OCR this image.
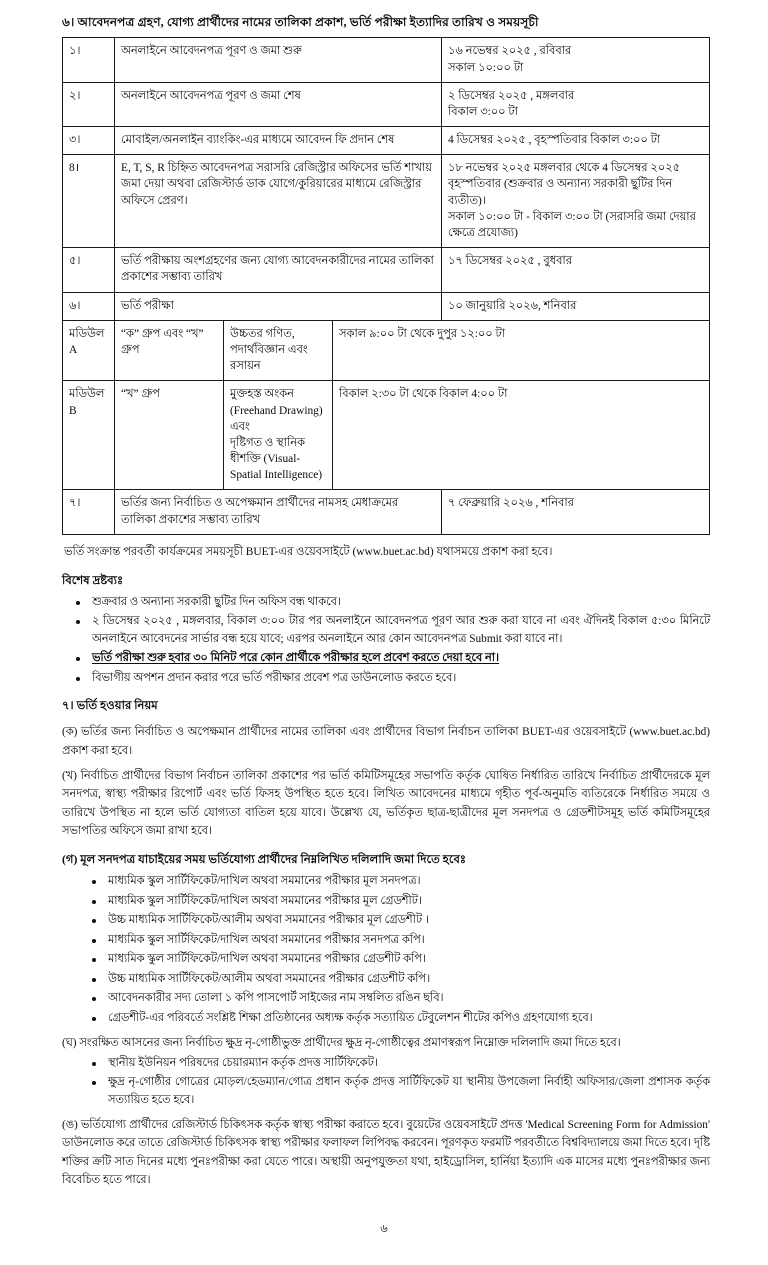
৬। আবেদনপত্র গ্রহণ, যোগ্য প্রার্থীদের নামের তালিকা প্রকাশ, ভর্তি পরীক্ষা ইত্যাদির তারিখ ও সময়সূচী
১।	অনলাইনে আবেদনপত্র পূরণ ও জমা শুরু			১৬ নভেম্বর ২০২৫ , রবিবার
সকাল ১০:০০ টা

২।	অনলাইনে আবেদনপত্র পূরণ ও জমা শেষ			২ ডিসেম্বর ২০২৫ , মঙ্গলবার
বিকাল ৩:০০ টা

৩।	মোবাইল/অনলাইন ব্যাংকিং-এর মাধ্যমে আবেদন ফি প্রদান শেষ			4 ডিসেম্বর ২০২৫ , বৃহস্পতিবার বিকাল ৩:০০ টা

8।	E, T, S, R চিহ্নিত আবেদনপত্র সরাসরি রেজিস্ট্রার অফিসের ভর্তি শাখায় জমা দেয়া অথবা রেজিস্টার্ড ডাক যোগে/কুরিয়ারের মাধ্যমে রেজিস্ট্রার অফিসে প্রেরণ।			১৮ নভেম্বর ২০২৫ মঙ্গলবার থেকে 4 ডিসেম্বর ২০২৫ বৃহস্পতিবার (শুক্রবার ও অন্যান্য সরকারী ছুটির দিন ব্যতীত)।
সকাল ১০:০০ টা - বিকাল ৩:০০ টা (সরাসরি জমা দেয়ার ক্ষেত্রে প্রযোজ্য)

৫।	ভর্তি পরীক্ষায় অংশগ্রহণের জন্য যোগ্য আবেদনকারীদের নামের তালিকা প্রকাশের সম্ভাব্য তারিখ			১৭ ডিসেম্বর ২০২৫ , বুধবার
৬।	ভর্তি পরীক্ষা			১০ জানুয়ারি ২০২৬, শনিবার
মডিউল A	“ক” গ্রুপ এবং “খ” গ্রুপ	উচ্চতর গণিত, পদার্থবিজ্ঞান এবং রসায়ন	সকাল ৯:০০ টা থেকে দুপুর ১২:০০ টা	
মডিউল B	“খ” গ্রুপ	মুক্তহস্ত অংকন (Freehand Drawing) এবং
দৃষ্টিগত ও স্থানিক ধীশক্তি (Visual-Spatial Intelligence)	বিকাল ২:৩০ টা থেকে বিকাল 4:০০ টা	
৭।	ভর্তির জন্য নির্বাচিত ও অপেক্ষমান প্রার্থীদের নামসহ মেধাক্রমের তালিকা প্রকাশের সম্ভাব্য তারিখ			৭ ফেব্রুয়ারি ২০২৬ , শনিবার
ভর্তি সংক্রান্ত পরবর্তী কার্যক্রমের সময়সূচী BUET-এর ওয়েবসাইটে (www.buet.ac.bd) যথাসময়ে প্রকাশ করা হবে।
বিশেষ দ্রষ্টব্যঃ
শুক্রবার ও অন্যান্য সরকারী ছুটির দিন অফিস বন্ধ থাকবে।
২ ডিসেম্বর ২০২৫ , মঙ্গলবার, বিকাল ৩:০০ টার পর অনলাইনে আবেদনপত্র পূরণ আর শুরু করা যাবে না এবং ঐদিনই বিকাল ৫:৩০ মিনিটে অনলাইনে আবেদনের সার্ভার বন্ধ হয়ে যাবে; এরপর অনলাইনে আর কোন আবেদনপত্র Submit করা যাবে না।
ভর্তি পরীক্ষা শুরু হবার ৩০ মিনিট পরে কোন প্রার্থীকে পরীক্ষার হলে প্রবেশ করতে দেয়া হবে না।
বিভাগীয় অপশন প্রদান করার পরে ভর্তি পরীক্ষার প্রবেশ পত্র ডাউনলোড করতে হবে।
৭। ভর্তি হওয়ার নিয়ম
(ক) ভর্তির জন্য নির্বাচিত ও অপেক্ষমান প্রার্থীদের নামের তালিকা এবং প্রার্থীদের বিভাগ নির্বাচন তালিকা BUET-এর ওয়েবসাইটে (www.buet.ac.bd) প্রকাশ করা হবে।
(খ) নির্বাচিত প্রার্থীদের বিভাগ নির্বাচন তালিকা প্রকাশের পর ভর্তি কমিটিসমূহের সভাপতি কর্তৃক ঘোষিত নির্ধারিত তারিখে নির্বাচিত প্রার্থীদেরকে মূল সনদপত্র, স্বাস্থ্য পরীক্ষার রিপোর্ট এবং ভর্তি ফিসহ উপস্থিত হতে হবে। লিখিত আবেদনের মাধ্যমে গৃহীত পূর্ব-অনুমতি ব্যতিরেকে নির্ধারিত সময়ে ও তারিখে উপস্থিত না হলে ভর্তি যোগ্যতা বাতিল হয়ে যাবে। উল্লেখ্য যে, ভর্তিকৃত ছাত্র-ছাত্রীদের মূল সনদপত্র ও গ্রেডশীটসমূহ ভর্তি কমিটিসমূহের সভাপতির অফিসে জমা রাখা হবে।
(গ) মূল সনদপত্র যাচাইয়ের সময় ভর্তিযোগ্য প্রার্থীদের নিম্নলিখিত দলিলাদি জমা দিতে হবেঃ
মাধ্যমিক স্কুল সার্টিফিকেট/দাখিল অথবা সমমানের পরীক্ষার মূল সনদপত্র।
মাধ্যমিক স্কুল সার্টিফিকেট/দাখিল অথবা সমমানের পরীক্ষার মূল গ্রেডশীট।
উচ্চ মাধ্যমিক সার্টিফিকেট/আলীম অথবা সমমানের পরীক্ষার মূল গ্রেডশীট ।
মাধ্যমিক স্কুল সার্টিফিকেট/দাখিল অথবা সমমানের পরীক্ষার সনদপত্র কপি।
মাধ্যমিক স্কুল সার্টিফিকেট/দাখিল অথবা সমমানের পরীক্ষার গ্রেডশীট কপি।
উচ্চ মাধ্যমিক সার্টিফিকেট/আলীম অথবা সমমানের পরীক্ষার গ্রেডশীট কপি।
আবেদনকারীর সদ্য তোলা ১ কপি পাসপোর্ট সাইজের নাম সম্বলিত রঙিন ছবি।
গ্রেডশীট-এর পরিবর্তে সংশ্লিষ্ট শিক্ষা প্রতিষ্ঠানের অধ্যক্ষ কর্তৃক সত্যায়িত টেবুলেশন শীটের কপিও গ্রহণযোগ্য হবে।
(ঘ) সংরক্ষিত আসনের জন্য নির্বাচিত ক্ষুদ্র নৃ-গোষ্ঠীভুক্ত প্রার্থীদের ক্ষুদ্র নৃ-গোষ্ঠীত্বের প্রমাণস্বরূপ নিম্নোক্ত দলিলাদি জমা দিতে হবে।
স্থানীয় ইউনিয়ন পরিষদের চেয়ারম্যান কর্তৃক প্রদত্ত সার্টিফিকেট।
ক্ষুদ্র নৃ-গোষ্ঠীর গোত্রের মোড়ল/হেডম্যান/গোত্র প্রধান কর্তৃক প্রদত্ত সার্টিফিকেট যা স্থানীয় উপজেলা নির্বাহী অফিসার/জেলা প্রশাসক কর্তৃক সত্যায়িত হতে হবে।
(ঙ) ভর্তিযোগ্য প্রার্থীদের রেজিস্টার্ড চিকিৎসক কর্তৃক স্বাস্থ্য পরীক্ষা করাতে হবে। বুয়েটের ওয়েবসাইটে প্রদত্ত 'Medical Screening Form for Admission' ডাউনলোড করে তাতে রেজিস্টার্ড চিকিৎসক স্বাস্থ্য পরীক্ষার ফলাফল লিপিবদ্ধ করবেন। পূরণকৃত ফরমটি পরবর্তীতে বিশ্ববিদ্যালয়ে জমা দিতে হবে। দৃষ্টি শক্তির ক্রটি সাত দিনের মধ্যে পুনঃপরীক্ষা করা যেতে পারে। অস্থায়ী অনুপযুক্ততা যথা, হাইড্রোসিল, হার্নিয়া ইত্যাদি এক মাসের মধ্যে পুনঃপরীক্ষার জন্য বিবেচিত হতে পারে।
৬
